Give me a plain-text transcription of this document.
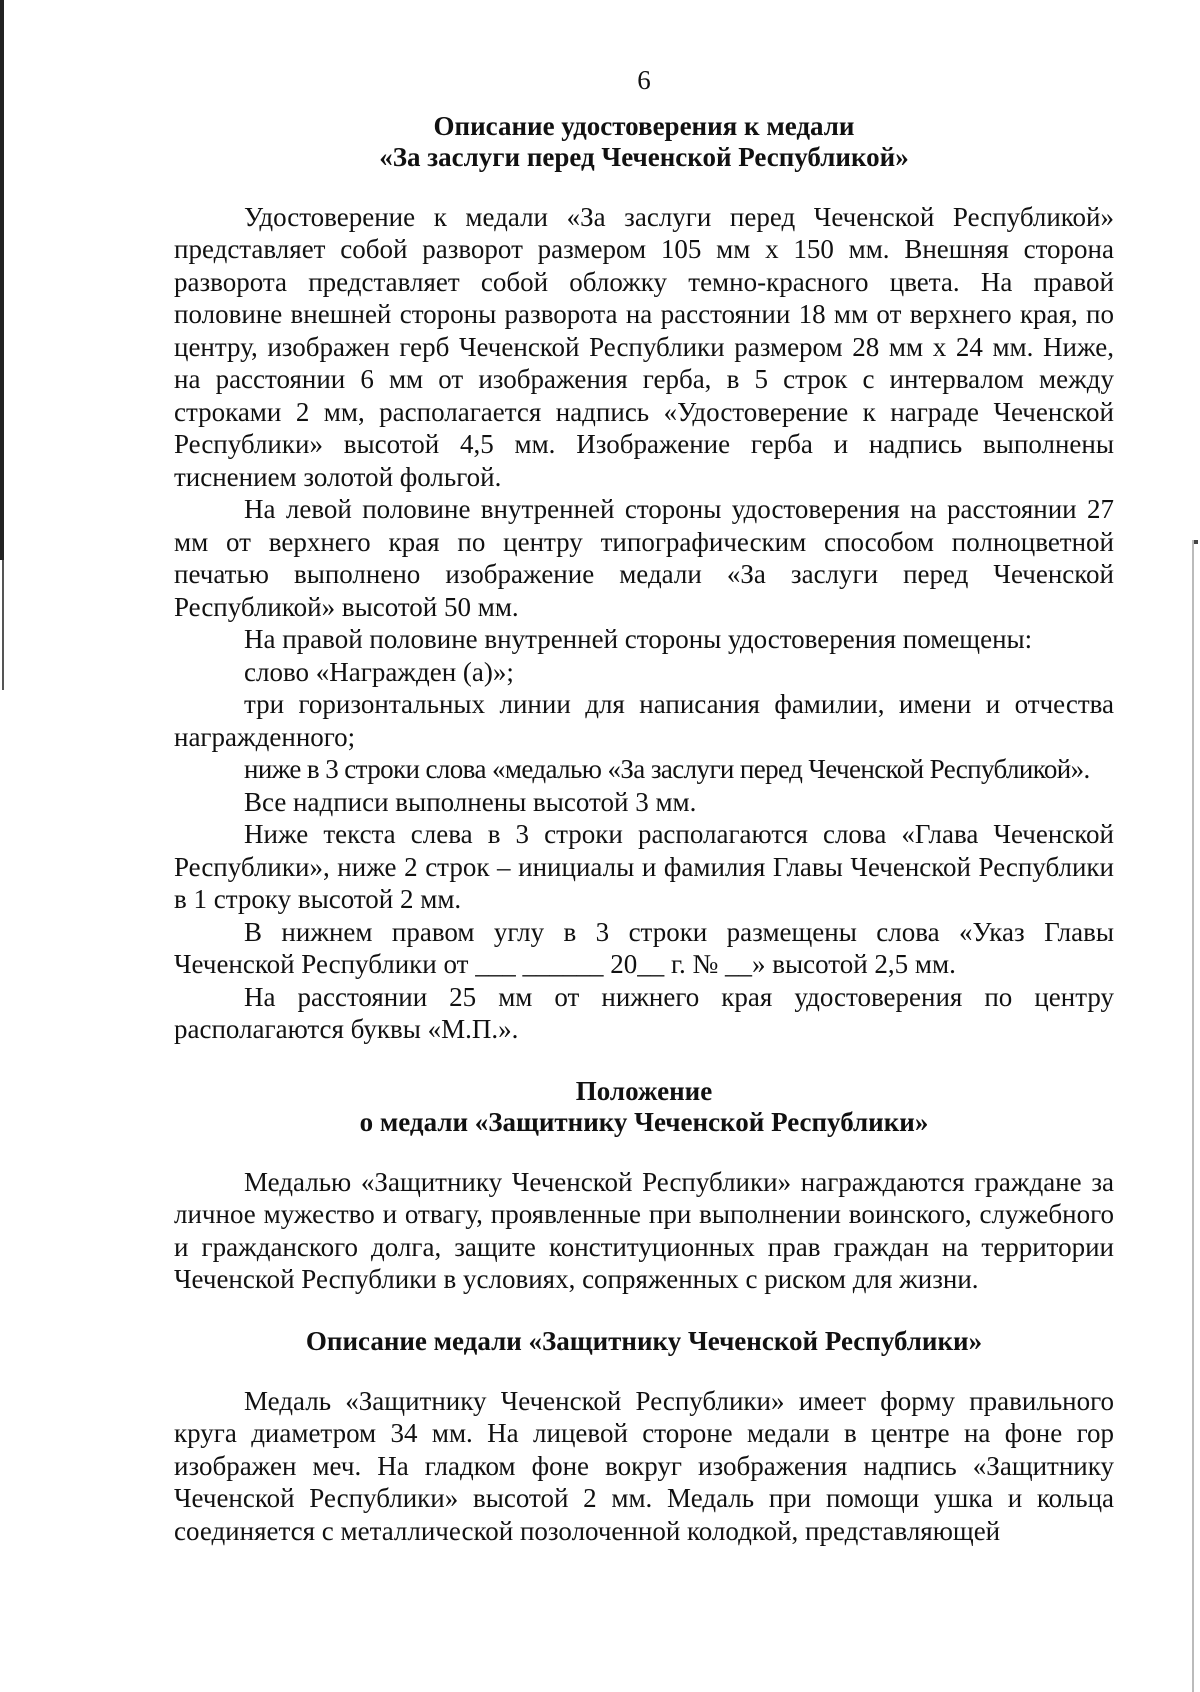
6

Описание удостоверения к медали

«За заслуги перед Чеченской Республикой»

Удостоверение к медали «За заслуги перед Чеченской Республикой» представляет собой разворот размером 105 мм х 150 мм. Внешняя сторона разворота представляет собой обложку темно-красного цвета. На правой половине внешней стороны разворота на расстоянии 18 мм от верхнего края, по центру, изображен герб Чеченской Республики размером 28 мм х 24 мм. Ниже, на расстоянии 6 мм от изображения герба, в 5 строк с интервалом между строками 2 мм, располагается надпись «Удостоверение к награде Чеченской Республики» высотой 4,5 мм. Изображение герба и надпись выполнены тиснением золотой фольгой.

На левой половине внутренней стороны удостоверения на расстоянии 27 мм от верхнего края по центру типографическим способом полноцветной печатью выполнено изображение медали «За заслуги перед Чеченской Республикой» высотой 50 мм.

На правой половине внутренней стороны удостоверения помещены:

слово «Награжден (а)»;

три горизонтальных линии для написания фамилии, имени и отчества награжденного;

ниже в 3 строки слова «медалью «За заслуги перед Чеченской Республикой».

Все надписи выполнены высотой 3 мм.

Ниже текста слева в 3 строки располагаются слова «Глава Чеченской Республики», ниже 2 строк – инициалы и фамилия Главы Чеченской Республики в 1 строку высотой 2 мм.

В нижнем правом углу в 3 строки размещены слова «Указ Главы Чеченской Республики от ___ ______ 20__ г. № __» высотой 2,5 мм.

На расстоянии 25 мм от нижнего края удостоверения по центру располагаются буквы «М.П.».

Положение

о медали «Защитнику Чеченской Республики»

Медалью «Защитнику Чеченской Республики» награждаются граждане за личное мужество и отвагу, проявленные при выполнении воинского, служебного и гражданского долга, защите конституционных прав граждан на территории Чеченской Республики в условиях, сопряженных с риском для жизни.

Описание медали «Защитнику Чеченской Республики»

Медаль «Защитнику Чеченской Республики» имеет форму правильного круга диаметром 34 мм. На лицевой стороне медали в центре на фоне гор изображен меч. На гладком фоне вокруг изображения надпись «Защитнику Чеченской Республики» высотой 2 мм. Медаль при помощи ушка и кольца соединяется с металлической позолоченной колодкой, представляющей
